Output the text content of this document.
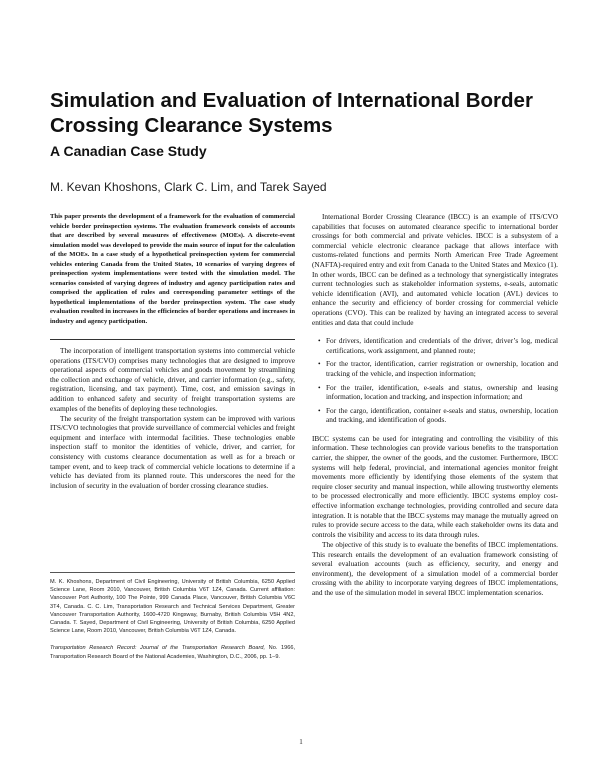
Simulation and Evaluation of International Border Crossing Clearance Systems
A Canadian Case Study
M. Kevan Khoshons, Clark C. Lim, and Tarek Sayed

This paper presents the development of a framework for the evaluation of commercial vehicle border preinspection systems. The evaluation framework consists of accounts that are described by several measures of effectiveness (MOEs). A discrete-event simulation model was developed to provide the main source of input for the calculation of the MOEs. In a case study of a hypothetical preinspection system for commercial vehicles entering Canada from the United States, 10 scenarios of varying degrees of preinspection system implementations were tested with the simulation model. The scenarios consisted of varying degrees of industry and agency participation rates and comprised the application of rules and corresponding parameter settings of the hypothetical implementations of the border preinspection system. The case study evaluation resulted in increases in the efficiencies of border operations and increases in industry and agency participation.

The incorporation of intelligent transportation systems into commercial vehicle operations (ITS/CVO) comprises many technologies that are designed to improve operational aspects of commercial vehicles and goods movement by streamlining the collection and exchange of vehicle, driver, and carrier information (e.g., safety, registration, licensing, and tax payment). Time, cost, and emission savings in addition to enhanced safety and security of freight transportation systems are examples of the benefits of deploying these technologies.

The security of the freight transportation system can be improved with various ITS/CVO technologies that provide surveillance of commercial vehicles and freight equipment and interface with intermodal facilities. These technologies enable inspection staff to monitor the identities of vehicle, driver, and carrier, for consistency with customs clearance documentation as well as for a breach or tamper event, and to keep track of commercial vehicle locations to determine if a vehicle has deviated from its planned route. This underscores the need for the inclusion of security in the evaluation of border crossing clearance studies.

M. K. Khoshons, Department of Civil Engineering, University of British Columbia, 6250 Applied Science Lane, Room 2010, Vancouver, British Columbia V6T 1Z4, Canada. Current affiliation: Vancouver Port Authority, 100 The Pointe, 999 Canada Place, Vancouver, British Columbia V6C 3T4, Canada. C. C. Lim, Transportation Research and Technical Services Department, Greater Vancouver Transportation Authority, 1600-4720 Kingsway, Burnaby, British Columbia V5H 4N2, Canada. T. Sayed, Department of Civil Engineering, University of British Columbia, 6250 Applied Science Lane, Room 2010, Vancouver, British Columbia V6T 1Z4, Canada.

Transportation Research Record: Journal of the Transportation Research Board, No. 1966, Transportation Research Board of the National Academies, Washington, D.C., 2006, pp. 1–9.

International Border Crossing Clearance (IBCC) is an example of ITS/CVO capabilities that focuses on automated clearance specific to international border crossings for both commercial and private vehicles. IBCC is a subsystem of a commercial vehicle electronic clearance package that allows interface with customs-related functions and permits North American Free Trade Agreement (NAFTA)-required entry and exit from Canada to the United States and Mexico (1). In other words, IBCC can be defined as a technology that synergistically integrates current technologies such as stakeholder information systems, e-seals, automatic vehicle identification (AVI), and automated vehicle location (AVL) devices to enhance the security and efficiency of border crossing for commercial vehicle operations (CVO). This can be realized by having an integrated access to several entities and data that could include

• For drivers, identification and credentials of the driver, driver’s log, medical certifications, work assignment, and planned route;
• For the tractor, identification, carrier registration or ownership, location and tracking of the vehicle, and inspection information;
• For the trailer, identification, e-seals and status, ownership and leasing information, location and tracking, and inspection information; and
• For the cargo, identification, container e-seals and status, ownership, location and tracking, and identification of goods.

IBCC systems can be used for integrating and controlling the visibility of this information. These technologies can provide various benefits to the transportation carrier, the shipper, the owner of the goods, and the customer. Furthermore, IBCC systems will help federal, provincial, and international agencies monitor freight movements more efficiently by identifying those elements of the system that require closer security and manual inspection, while allowing trustworthy elements to be processed electronically and more efficiently. IBCC systems employ cost-effective information exchange technologies, providing controlled and secure data integration. It is notable that the IBCC systems may manage the mutually agreed on rules to provide secure access to the data, while each stakeholder owns its data and controls the visibility and access to its data through rules.

The objective of this study is to evaluate the benefits of IBCC implementations. This research entails the development of an evaluation framework consisting of several evaluation accounts (such as efficiency, security, and energy and environment), the development of a simulation model of a commercial border crossing with the ability to incorporate varying degrees of IBCC implementations, and the use of the simulation model in several IBCC implementation scenarios.

1
